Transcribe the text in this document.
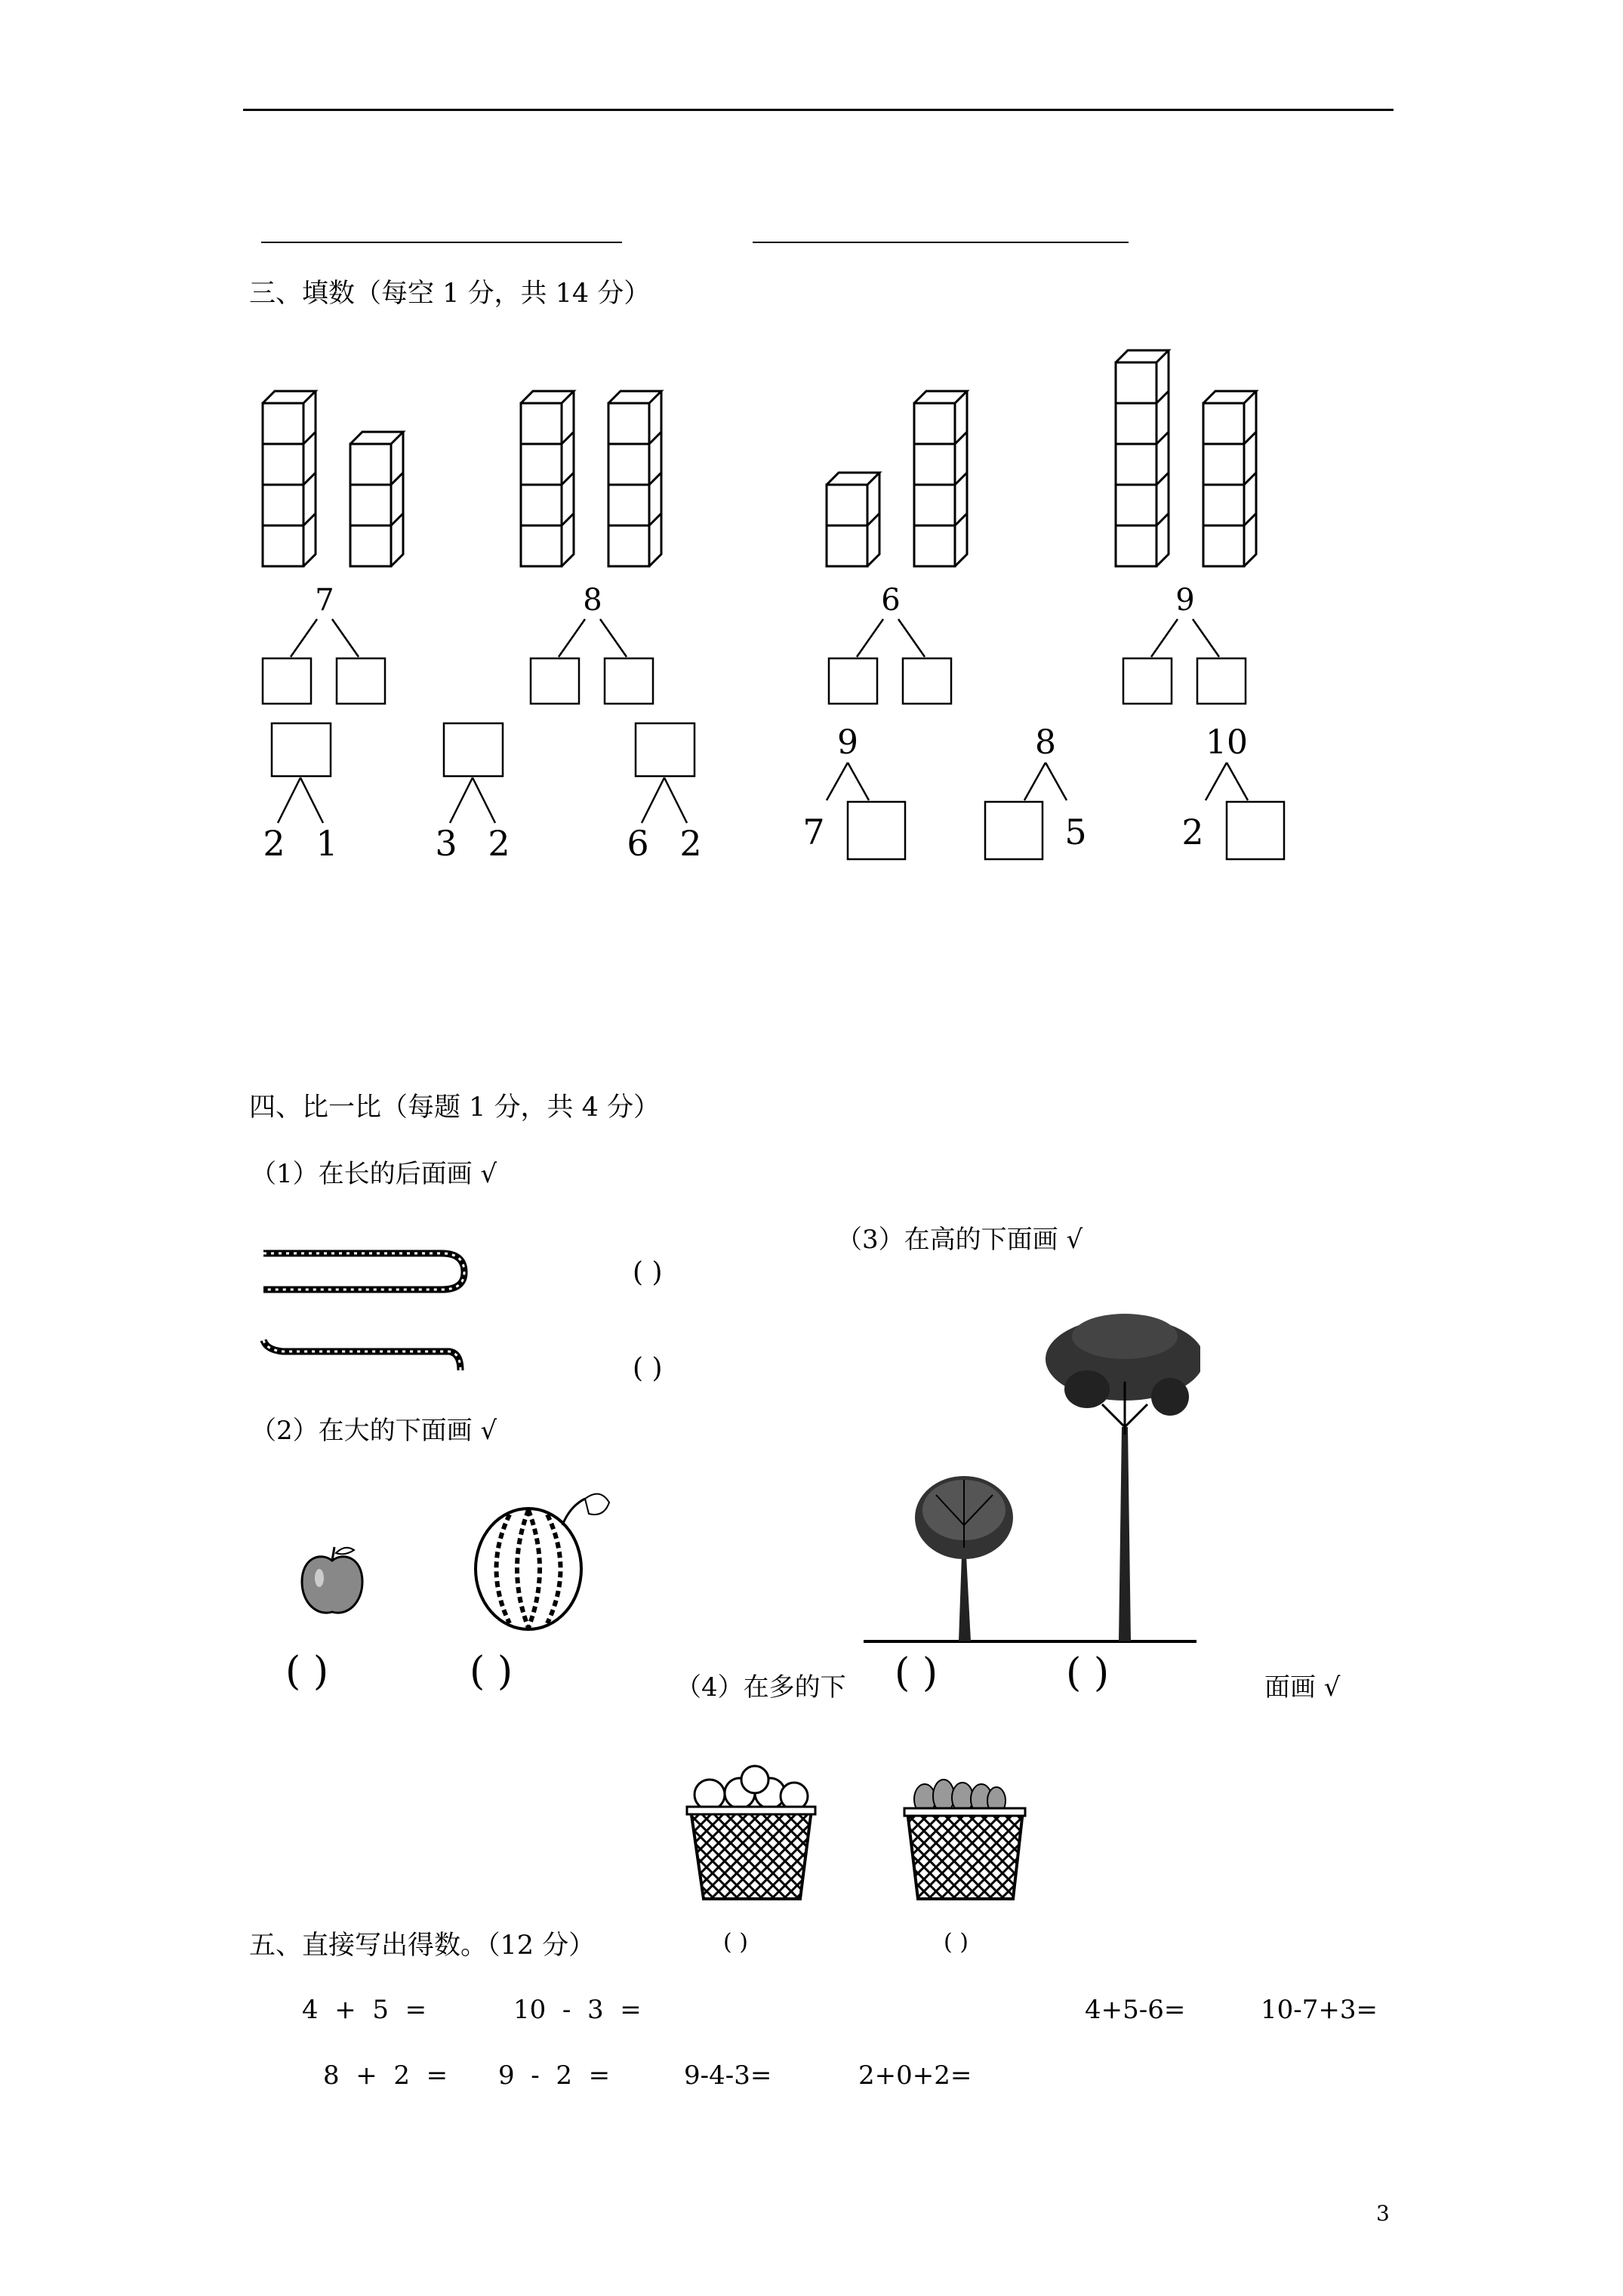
三、填数（每空 1 分，共 14 分）
7	8	6	9
2 1	3 2	6 2
9
7
8
5
10
2
四、比一比（每题 1 分，共 4 分）
（1）在长的后面画 √
（3）在高的下面画 √
( )
( )
（2）在大的下面画 √
( )	( )	( )	( )
（4）在多的下	面画 √
( )	( )
五、直接写出得数。（12 分）
4  +  5  =	10  -  3  =	4+5-6=	10-7+3=
8  +  2  = 9  -  2  =	9-4-3=	2+0+2=
3
